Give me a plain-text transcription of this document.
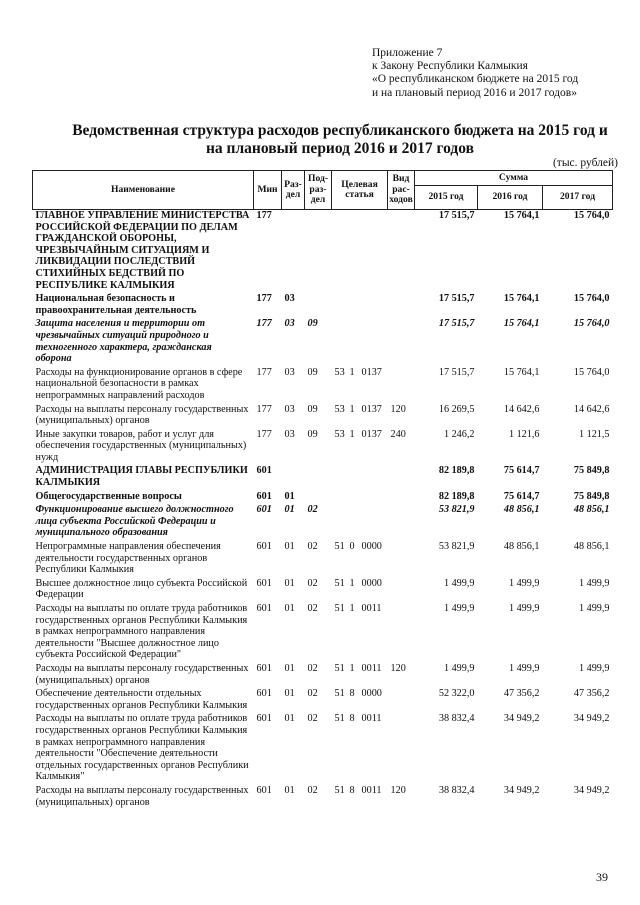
Приложение 7
к Закону Республики Калмыкия
«О республиканском бюджете на 2015 год
и на плановый период 2016 и 2017 годов»
Ведомственная структура расходов республиканского бюджета на 2015 год и
на плановый период 2016 и 2017 годов
(тыс. рублей)
Наименование	Мин	Раз- дел	Под- раз- дел	Целевая статья			Вид рас- ходов	Сумма		
								2015 год	2016 год	2017 год
ГЛАВНОЕ УПРАВЛЕНИЕ МИНИСТЕРСТВА РОССИЙСКОЙ ФЕДЕРАЦИИ ПО ДЕЛАМ ГРАЖДАНСКОЙ ОБОРОНЫ, ЧРЕЗВЫЧАЙНЫМ СИТУАЦИЯМ И ЛИКВИДАЦИИ ПОСЛЕДСТВИЙ СТИХИЙНЫХ БЕДСТВИЙ ПО РЕСПУБЛИКЕ КАЛМЫКИЯ	177							17 515,7	15 764,1	15 764,0
Национальная безопасность и правоохранительная деятельность	177	03						17 515,7	15 764,1	15 764,0
Защита населения и территории от чрезвычайных ситуаций природного и техногенного характера, гражданская оборона	177	03	09					17 515,7	15 764,1	15 764,0
Расходы на функционирование органов в сфере национальной безопасности в рамках непрограммных направлений расходов	177	03	09	53	1	0137		17 515,7	15 764,1	15 764,0
Расходы на выплаты персоналу государственных (муниципальных) органов	177	03	09	53	1	0137	120	16 269,5	14 642,6	14 642,6
Иные закупки товаров, работ и услуг для обеспечения государственных (муниципальных) нужд	177	03	09	53	1	0137	240	1 246,2	1 121,6	1 121,5
АДМИНИСТРАЦИЯ ГЛАВЫ РЕСПУБЛИКИ КАЛМЫКИЯ	601							82 189,8	75 614,7	75 849,8
Общегосударственные вопросы	601	01						82 189,8	75 614,7	75 849,8
Функционирование высшего должностного лица субъекта Российской Федерации и муниципального образования	601	01	02					53 821,9	48 856,1	48 856,1
Непрограммные направления обеспечения деятельности государственных органов Республики Калмыкия	601	01	02	51	0	0000		53 821,9	48 856,1	48 856,1
Высшее должностное лицо субъекта Российской Федерации	601	01	02	51	1	0000		1 499,9	1 499,9	1 499,9
Расходы на выплаты по оплате труда работников государственных органов Республики Калмыкия в рамках непрограммного направления деятельности "Высшее должностное лицо субъекта Российской Федерации"	601	01	02	51	1	0011		1 499,9	1 499,9	1 499,9
Расходы на выплаты персоналу государственных (муниципальных) органов	601	01	02	51	1	0011	120	1 499,9	1 499,9	1 499,9
Обеспечение деятельности отдельных государственных органов Республики Калмыкия	601	01	02	51	8	0000		52 322,0	47 356,2	47 356,2
Расходы на выплаты по оплате труда работников государственных органов Республики Калмыкия в рамках непрограммного направления деятельности "Обеспечение деятельности отдельных государственных органов Республики Калмыкия"	601	01	02	51	8	0011		38 832,4	34 949,2	34 949,2
Расходы на выплаты персоналу государственных (муниципальных) органов	601	01	02	51	8	0011	120	38 832,4	34 949,2	34 949,2
39
